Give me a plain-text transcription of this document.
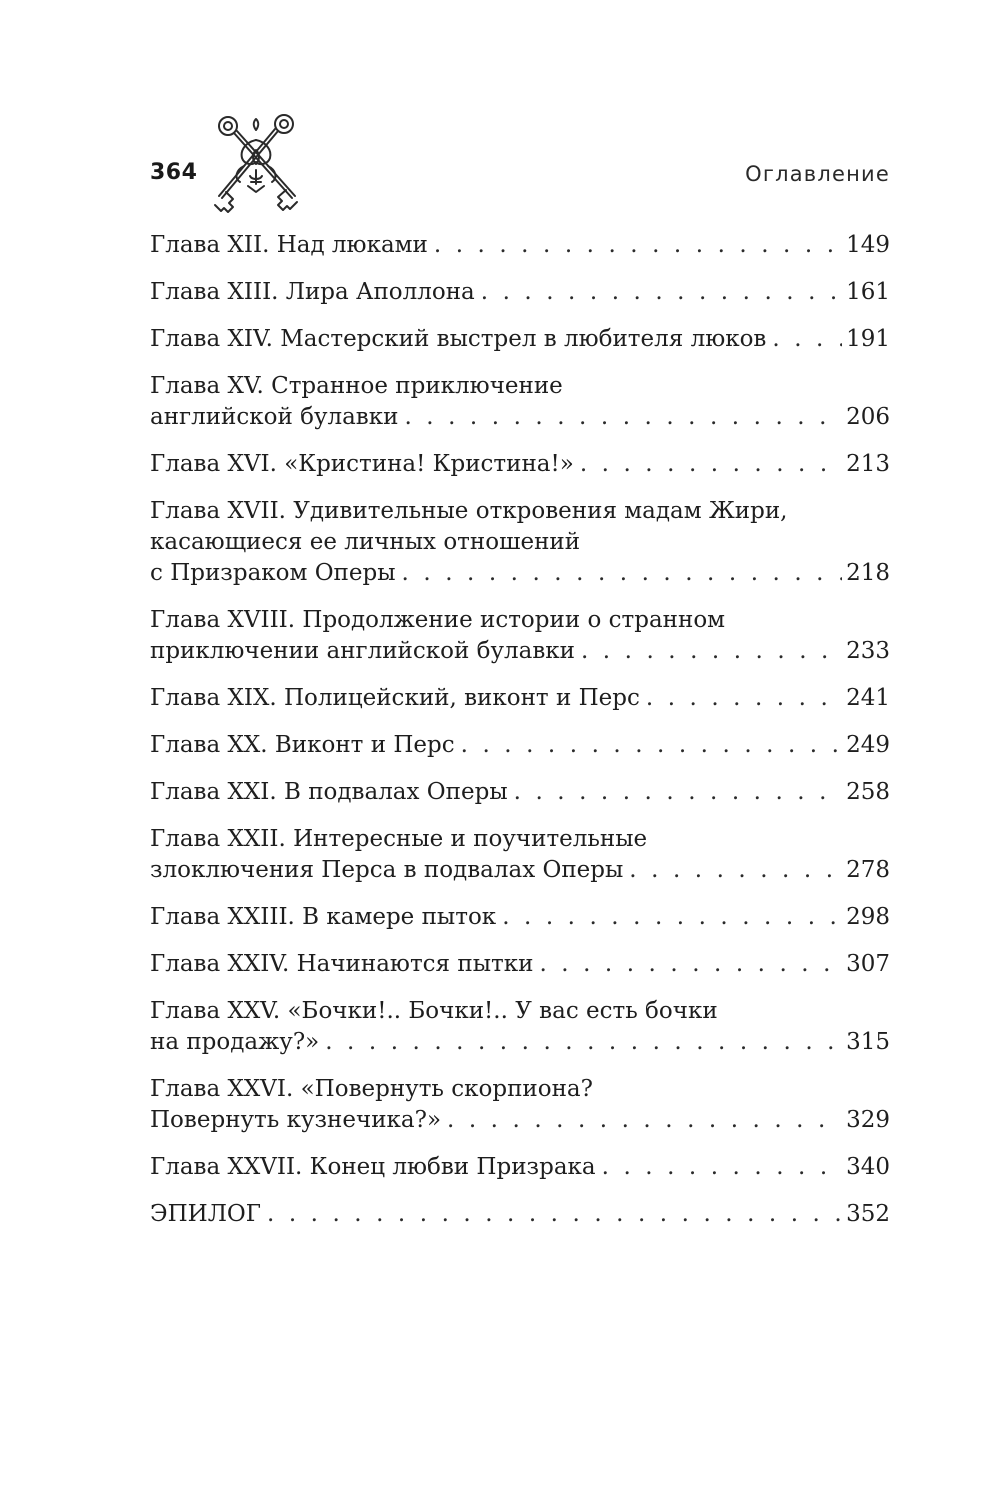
364	Оглавление
Глава XII. Над люками . . .	149
Глава XIII. Лира Аполлона . . .	161
Глава XIV. Мастерский выстрел в любителя люков . . .	191
Глава XV. Странное приключение
английской булавки . . .	206
Глава XVI. «Кристина! Кристина!» . . .	213
Глава XVII. Удивительные откровения мадам Жири,
касающиеся ее личных отношений
с Призраком Оперы . . .	218
Глава XVIII. Продолжение истории о странном
приключении английской булавки . . .	233
Глава XIX. Полицейский, виконт и Перс . . .	241
Глава XX. Виконт и Перс . . .	249
Глава XXI. В подвалах Оперы . . .	258
Глава XXII. Интересные и поучительные
злоключения Перса в подвалах Оперы . . .	278
Глава XXIII. В камере пыток . . .	298
Глава XXIV. Начинаются пытки . . .	307
Глава XXV. «Бочки!.. Бочки!.. У вас есть бочки
на продажу?» . . .	315
Глава XXVI. «Повернуть скорпиона?
Повернуть кузнечика?» . . .	329
Глава XXVII. Конец любви Призрака . . .	340
ЭПИЛОГ . . .	352
